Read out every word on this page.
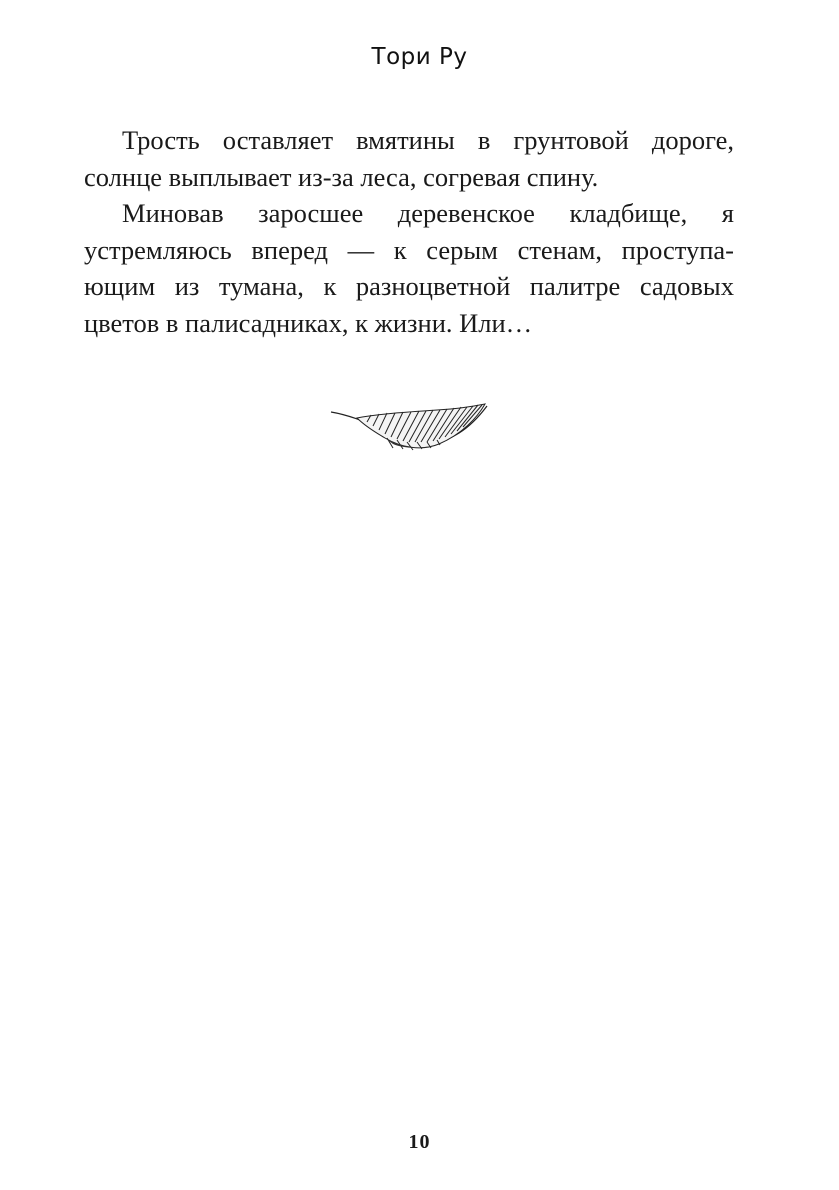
Тори Ру
Трость оставляет вмятины в грунтовой дороге,
солнце выплывает из-за леса, согревая спину.
Миновав заросшее деревенское кладбище, я
устремляюсь вперед — к серым стенам, проступа-
ющим из тумана, к разноцветной палитре садовых
цветов в палисадниках, к жизни. Или…
10
